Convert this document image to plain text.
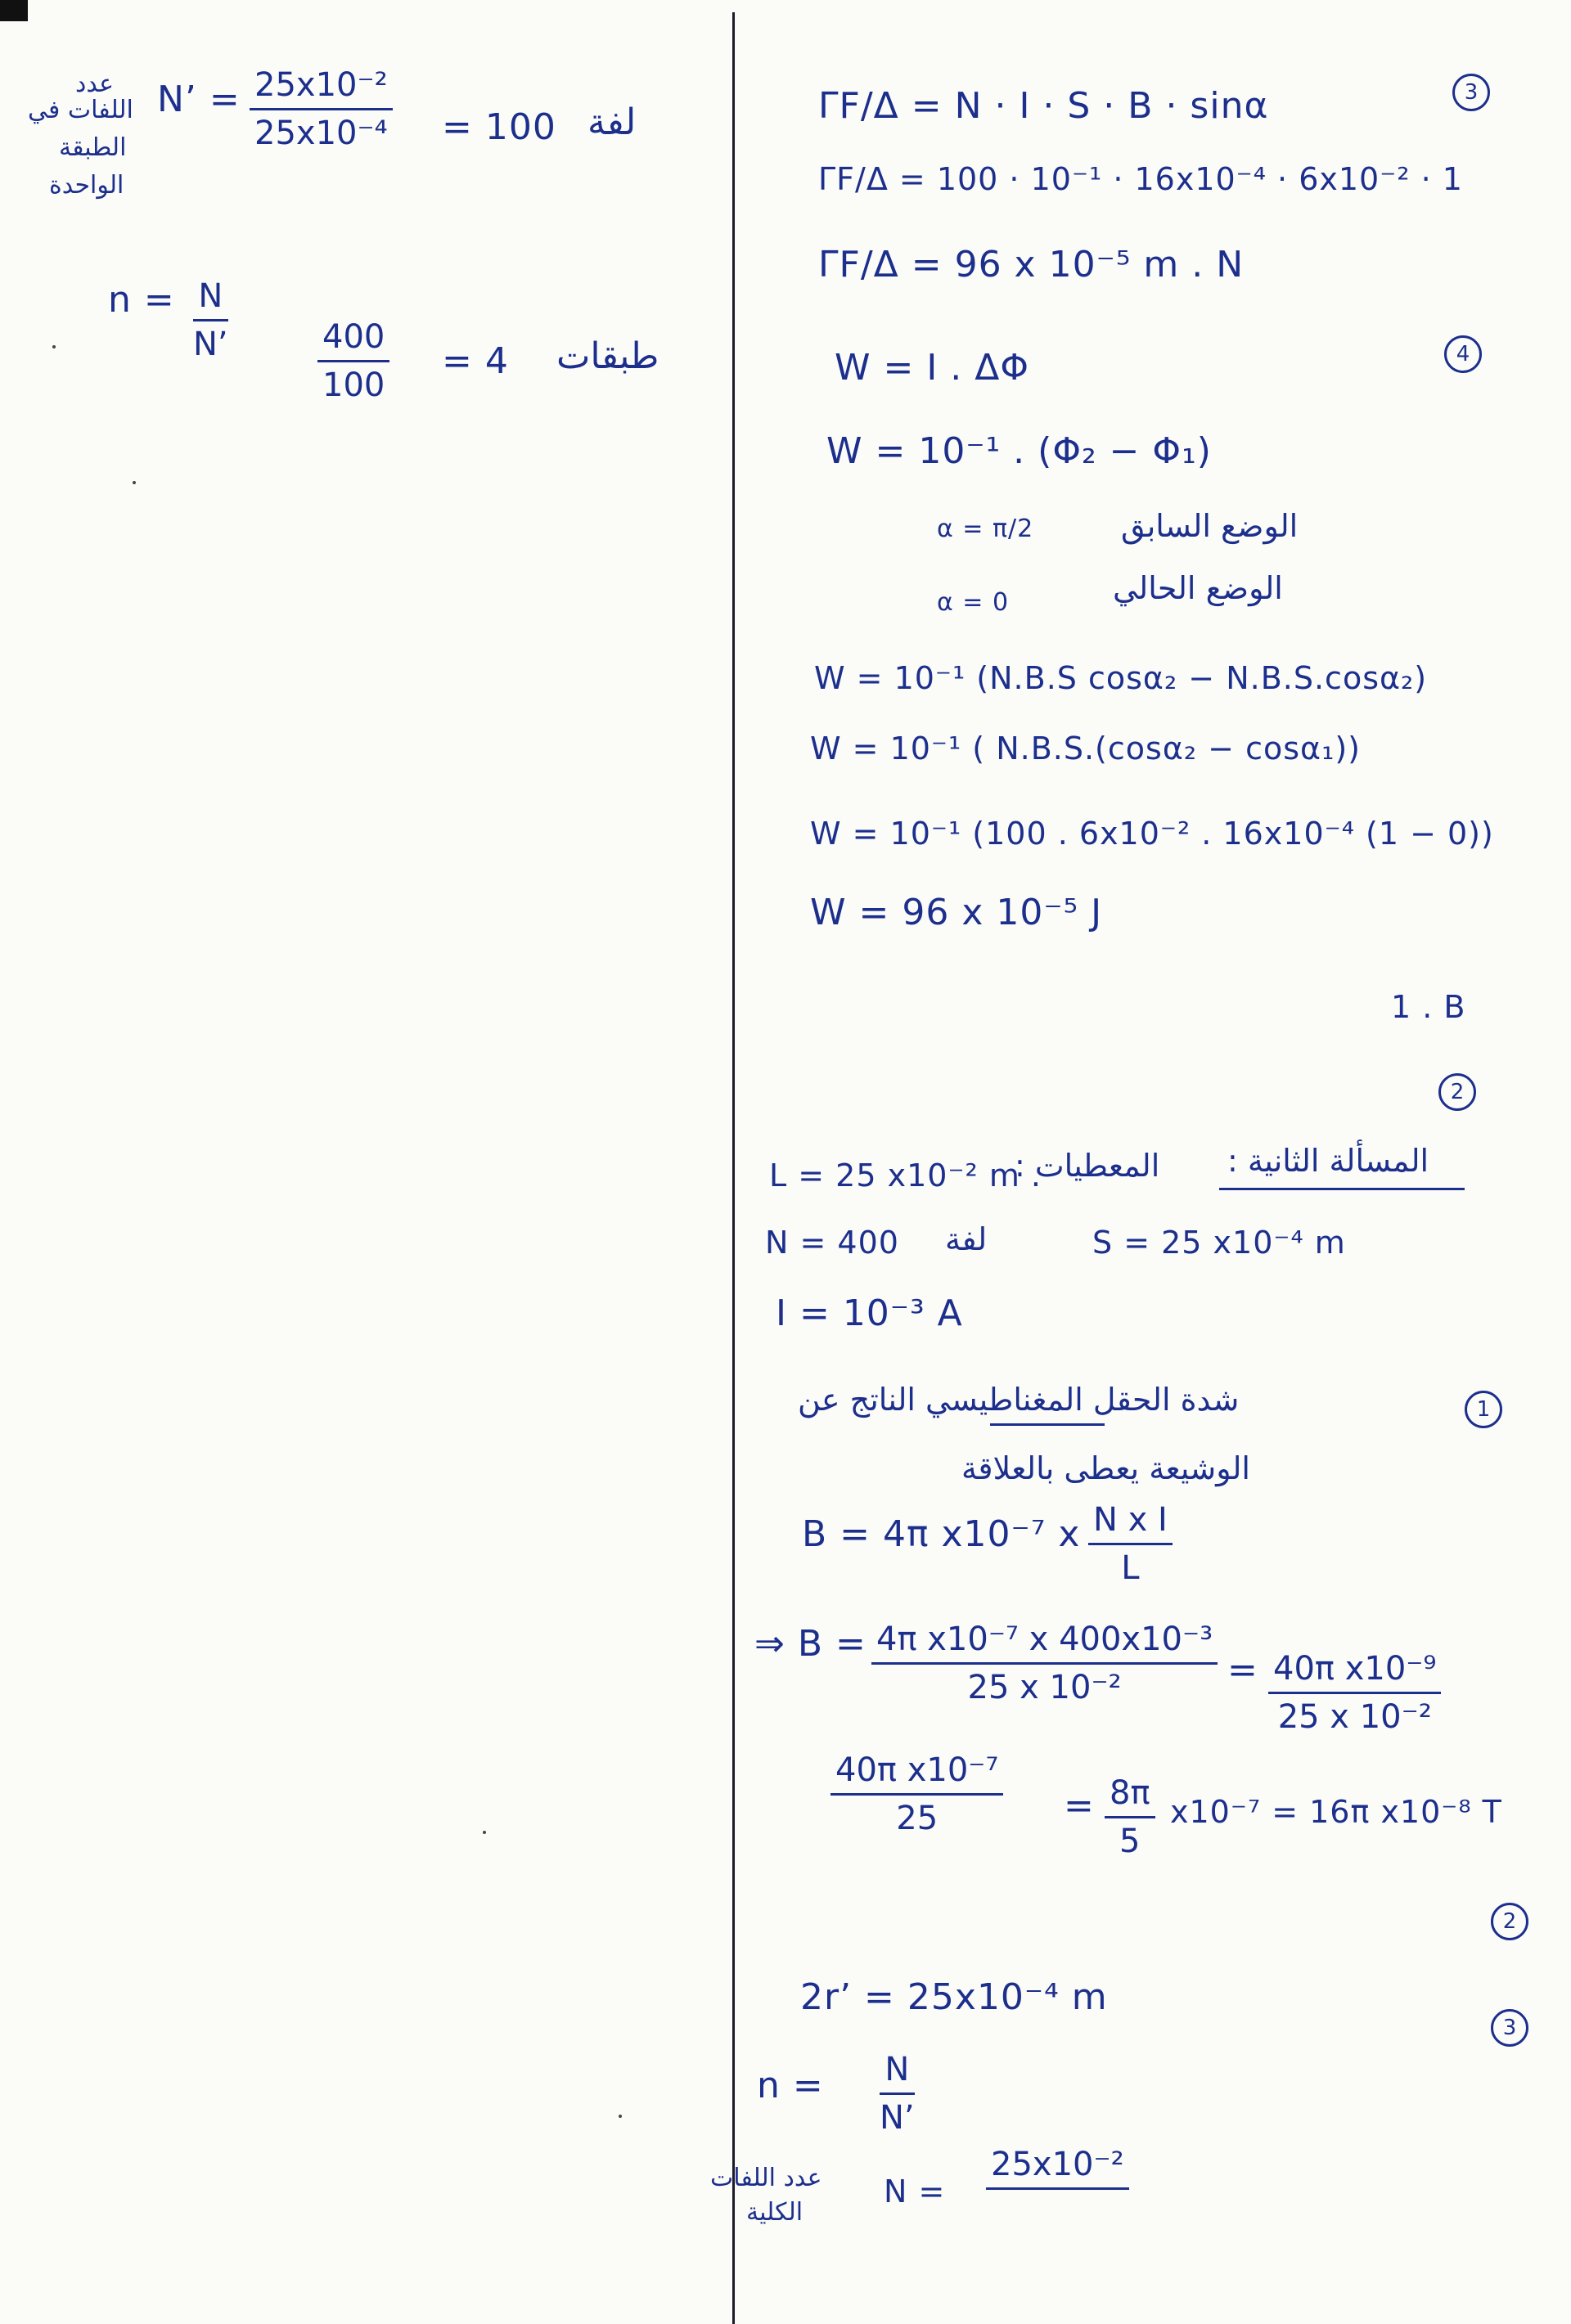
عدد
اللفات في
الطبقة
الواحدة
Nʼ = $\frac{\text{25x10⁻²}}{\text{25x10⁻⁴}} = 100$ لفة
n = N
Nʼ	$\frac{400}{100} = 4$ طبقات
3
ΓF/Δ = N · I · S · B · sinα
ΓF/Δ = 100 · 10⁻¹ · 16x10⁻⁴ · 6x10⁻² · 1
ΓF/Δ = 96 x 10⁻⁵ m . N
4
W = I . ΔΦ
W = 10⁻¹ . (Φ₂ − Φ₁)
α = π/2	الوضع السابق
α = 0	الوضع الحالي
W = 10⁻¹ (N.B.S cosα₂ − N.B.S.cosα₂)
W = 10⁻¹ ( N.B.S.(cosα₂ − cosα₁))
W = 10⁻¹ (100 . 6x10⁻² . 16x10⁻⁴ (1 − 0))
W = 96 x 10⁻⁵ J
1 . B
2
المسألة الثانية :
المعطيات :
L = 25 x10⁻² m .
N = 400 لفة	S = 25 x10⁻⁴ m
I = 10⁻³ A
1
شدة الحقل المغناطيسي الناتج عن
الوشيعة يعطى بالعلاقة
B = 4π x10⁻⁷ x $\frac{\text{N x I}}{L}$
⇒ $B = \frac{\text{4π x10⁻⁷ x 400x10⁻³}}{\text{25 x 10⁻²}} = \frac{\text{40π x10⁻⁹}}{\text{25 x 10⁻²}}$
$\frac{\text{40π x10⁻⁷}}{25} = \frac{8\pi}{5} x10^{-7} = 16\pi$ x10⁻⁸ T
2
3
2rʼ = 25x10⁻⁴ m
n = N
Nʼ
عدد اللفات
الكلية
N =
25x10⁻²
